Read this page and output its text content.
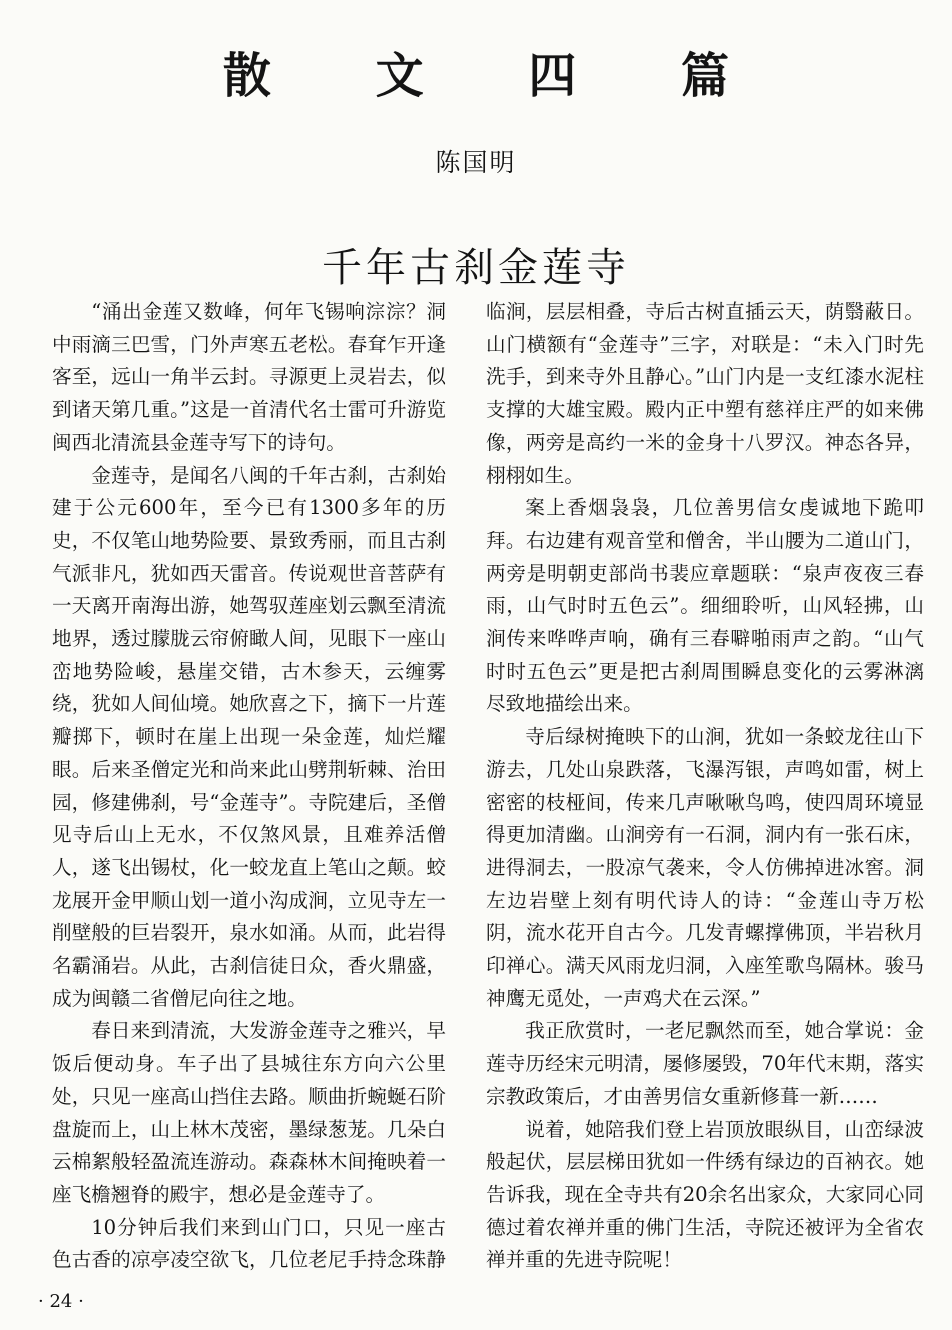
散 文 四 篇
陈国明
千年古刹金莲寺

“涌出金莲又数峰，何年飞锡响淙淙？洞中雨滴三巴雪，门外声寒五老松。春耷乍开逢客至，远山一角半云封。寻源更上灵岩去，似到诸天第几重。”这是一首清代名士雷可升游览闽西北清流县金莲寺写下的诗句。

金莲寺，是闻名八闽的千年古刹，古刹始建于公元600年，至今已有1300多年的历史，不仅笔山地势险要、景致秀丽，而且古刹气派非凡，犹如西天雷音。传说观世音菩萨有一天离开南海出游，她驾驭莲座划云飘至清流地界，透过朦胧云帘俯瞰人间，见眼下一座山峦地势险峻，悬崖交错，古木参天，云缠雾绕，犹如人间仙境。她欣喜之下，摘下一片莲瓣掷下，顿时在崖上出现一朵金莲，灿烂耀眼。后来圣僧定光和尚来此山劈荆斩棘、治田园，修建佛刹，号“金莲寺”。寺院建后，圣僧见寺后山上无水，不仅煞风景，且难养活僧人，遂飞出锡杖，化一蛟龙直上笔山之颠。蛟龙展开金甲顺山划一道小沟成涧，立见寺左一削壁般的巨岩裂开，泉水如涌。从而，此岩得名霸涌岩。从此，古刹信徒日众，香火鼎盛，成为闽赣二省僧尼向往之地。

春日来到清流，大发游金莲寺之雅兴，早饭后便动身。车子出了县城往东方向六公里处，只见一座高山挡住去路。顺曲折蜿蜒石阶盘旋而上，山上林木茂密，墨绿葱茏。几朵白云棉絮般轻盈流连游动。森森林木间掩映着一座飞檐翘脊的殿宇，想必是金莲寺了。

10分钟后我们来到山门口，只见一座古色古香的凉亭凌空欲飞，几位老尼手持念珠静

临涧，层层相叠，寺后古树直插云天，荫翳蔽日。山门横额有“金莲寺”三字，对联是：“未入门时先洗手，到来寺外且静心。”山门内是一支红漆水泥柱支撑的大雄宝殿。殿内正中塑有慈祥庄严的如来佛像，两旁是高约一米的金身十八罗汉。神态各异，栩栩如生。

案上香烟袅袅，几位善男信女虔诚地下跪叩拜。右边建有观音堂和僧舍，半山腰为二道山门，两旁是明朝吏部尚书裴应章题联：“泉声夜夜三春雨，山气时时五色云”。细细聆听，山风轻拂，山涧传来哗哗声响，确有三春噼啪雨声之韵。“山气时时五色云”更是把古刹周围瞬息变化的云雾淋漓尽致地描绘出来。

寺后绿树掩映下的山涧，犹如一条蛟龙往山下游去，几处山泉跌落，飞瀑泻银，声鸣如雷，树上密密的枝桠间，传来几声啾啾鸟鸣，使四周环境显得更加清幽。山涧旁有一石洞，洞内有一张石床，进得洞去，一股凉气袭来，令人仿佛掉进冰窖。洞左边岩壁上刻有明代诗人的诗：“金莲山寺万松阴，流水花开自古今。几发青螺撑佛顶，半岩秋月印禅心。满天风雨龙归洞，入座笙歌鸟隔林。骏马神鹰无觅处，一声鸡犬在云深。”

我正欣赏时，一老尼飘然而至，她合掌说：金莲寺历经宋元明清，屡修屡毁，70年代末期，落实宗教政策后，才由善男信女重新修葺一新……

说着，她陪我们登上岩顶放眼纵目，山峦绿波般起伏，层层梯田犹如一件绣有绿边的百衲衣。她告诉我，现在全寺共有20余名出家众，大家同心同德过着农禅并重的佛门生活，寺院还被评为全省农禅并重的先进寺院呢！

· 24 ·
